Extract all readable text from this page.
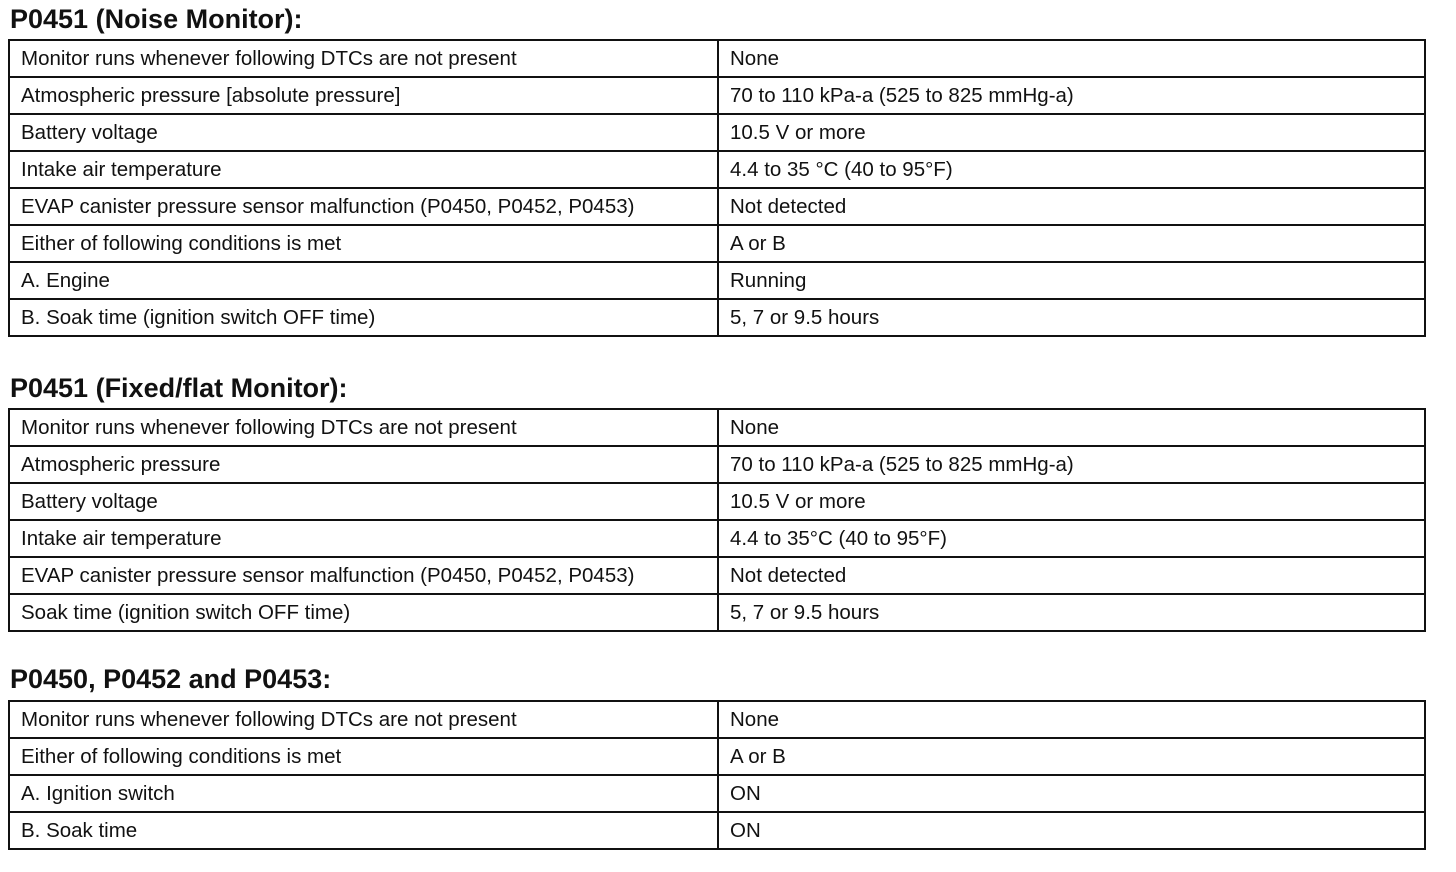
P0451 (Noise Monitor):
Monitor runs whenever following DTCs are not present	None
Atmospheric pressure [absolute pressure]	70 to 110 kPa-a (525 to 825 mmHg-a)
Battery voltage	10.5 V or more
Intake air temperature	4.4 to 35 °C (40 to 95°F)
EVAP canister pressure sensor malfunction (P0450, P0452, P0453)	Not detected
Either of following conditions is met	A or B
A. Engine	Running
B. Soak time (ignition switch OFF time)	5, 7 or 9.5 hours
P0451 (Fixed/flat Monitor):
Monitor runs whenever following DTCs are not present	None
Atmospheric pressure	70 to 110 kPa-a (525 to 825 mmHg-a)
Battery voltage	10.5 V or more
Intake air temperature	4.4 to 35°C (40 to 95°F)
EVAP canister pressure sensor malfunction (P0450, P0452, P0453)	Not detected
Soak time (ignition switch OFF time)	5, 7 or 9.5 hours
P0450, P0452 and P0453:
Monitor runs whenever following DTCs are not present	None
Either of following conditions is met	A or B
A. Ignition switch	ON
B. Soak time	ON
